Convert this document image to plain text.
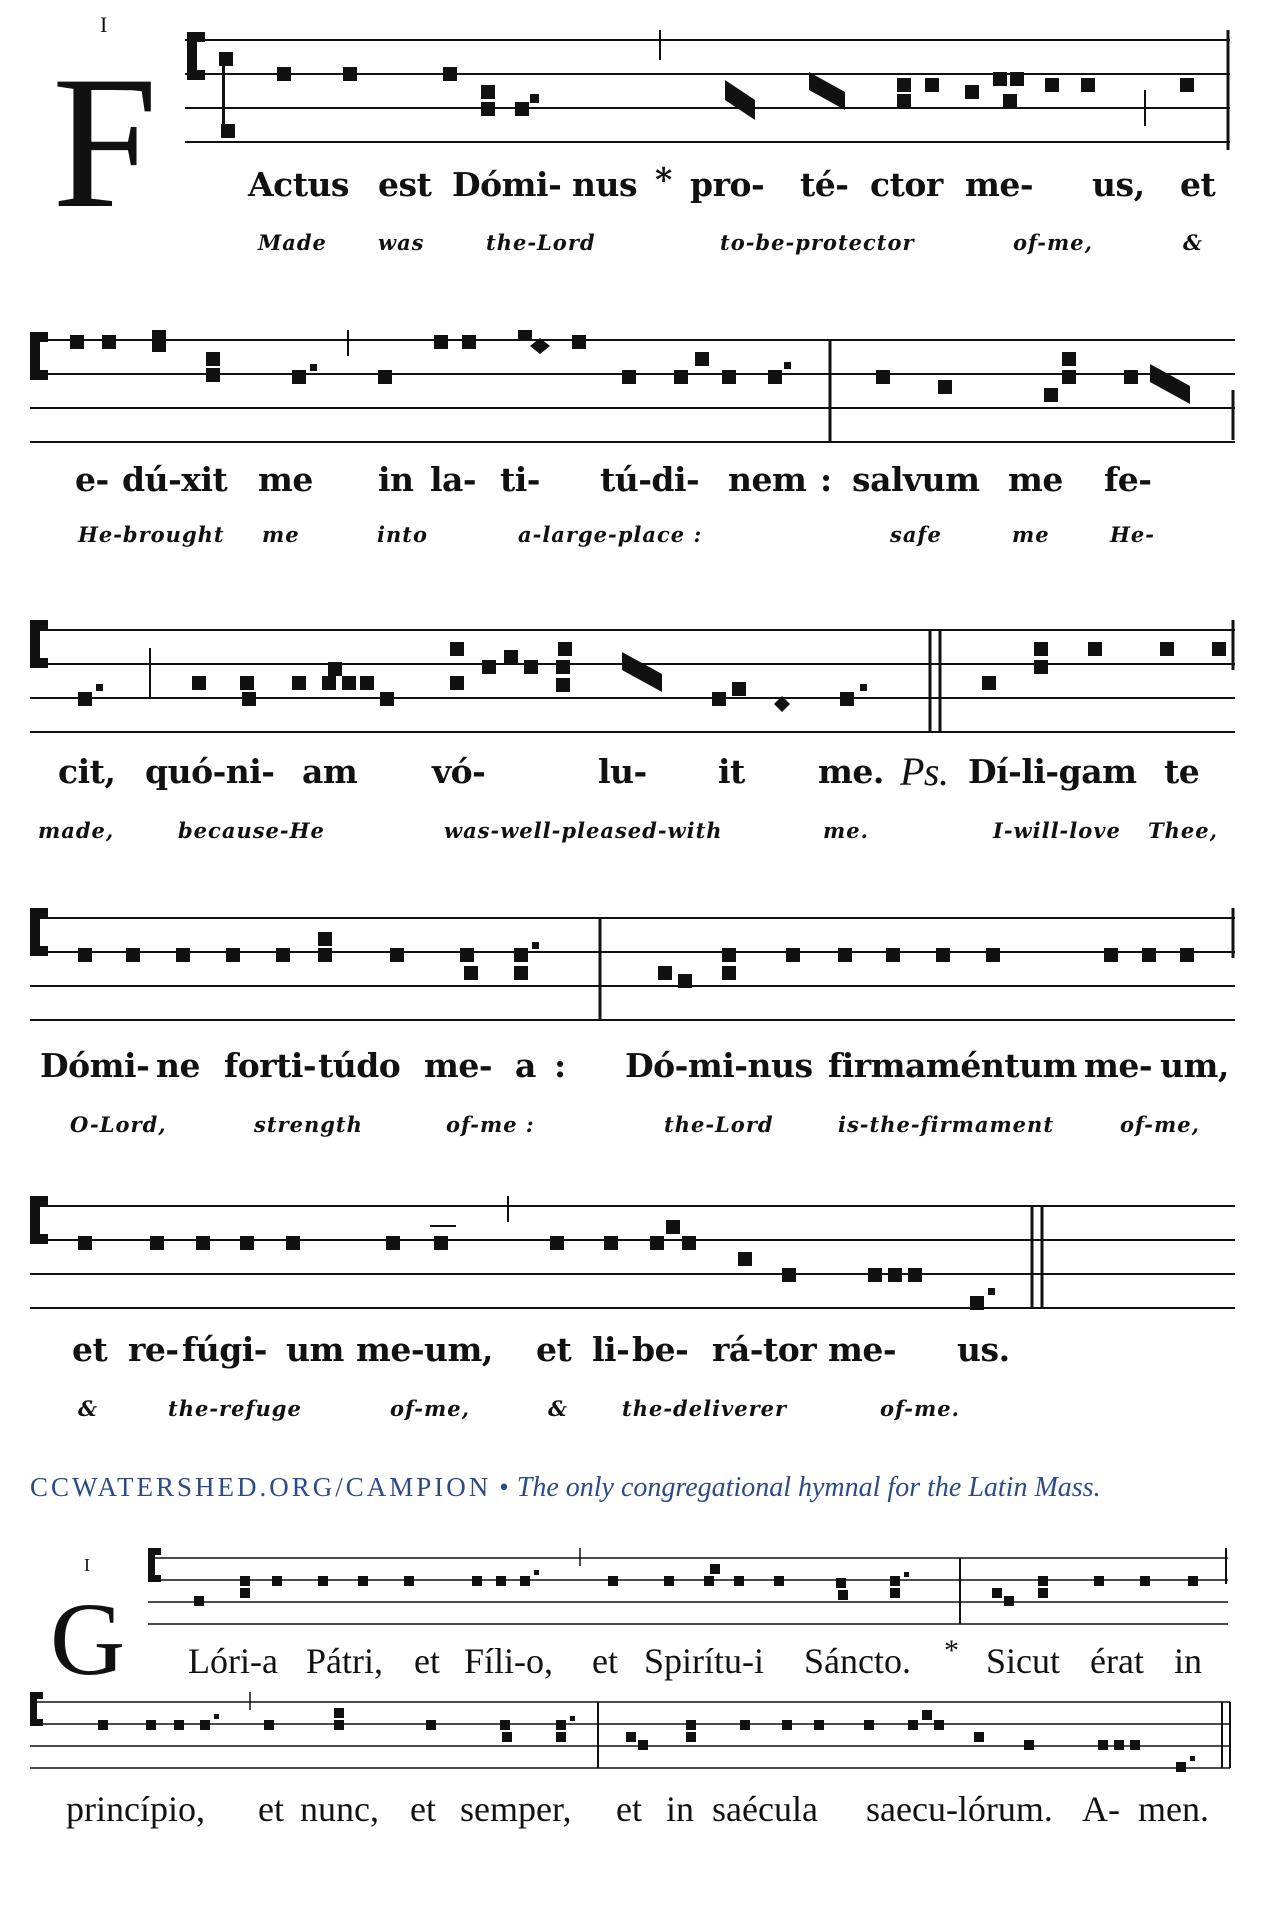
I
F	Actus est Dómi- nus * pro- té- ctor me- us, et
Made was	the-Lord	to-be-protector	of-me,	&
e- dú-xit me in la- ti- tú-di- nem : salvum me fe-
He-brought me	into	a-large-place :	safe	me	He-
cit, quó-ni- am vó-	lu- it me. Ps. Dí-li-gam te
made,	because-He	was-well-pleased-with	me.	I-will-love Thee,
Dómi- ne forti- túdo me- a : Dó-mi-nus firmaméntum me- um,
O-Lord,	strength	of-me :	the-Lord	is-the-firmament	of-me,
et re- fúgi- um me- um, et li- be- rá-tor me- us.
&	the-refuge	of-me,	&	the-deliverer	of-me.
CCWATERSHED.ORG/CAMPION • The only congregational hymnal for the Latin Mass.
I
G Lóri-a Pátri, et Fíli-o, et Spirítu-i Sáncto. * Sicut érat in
princípio, et nunc, et semper, et in saécula saecu-lórum. A- men.
